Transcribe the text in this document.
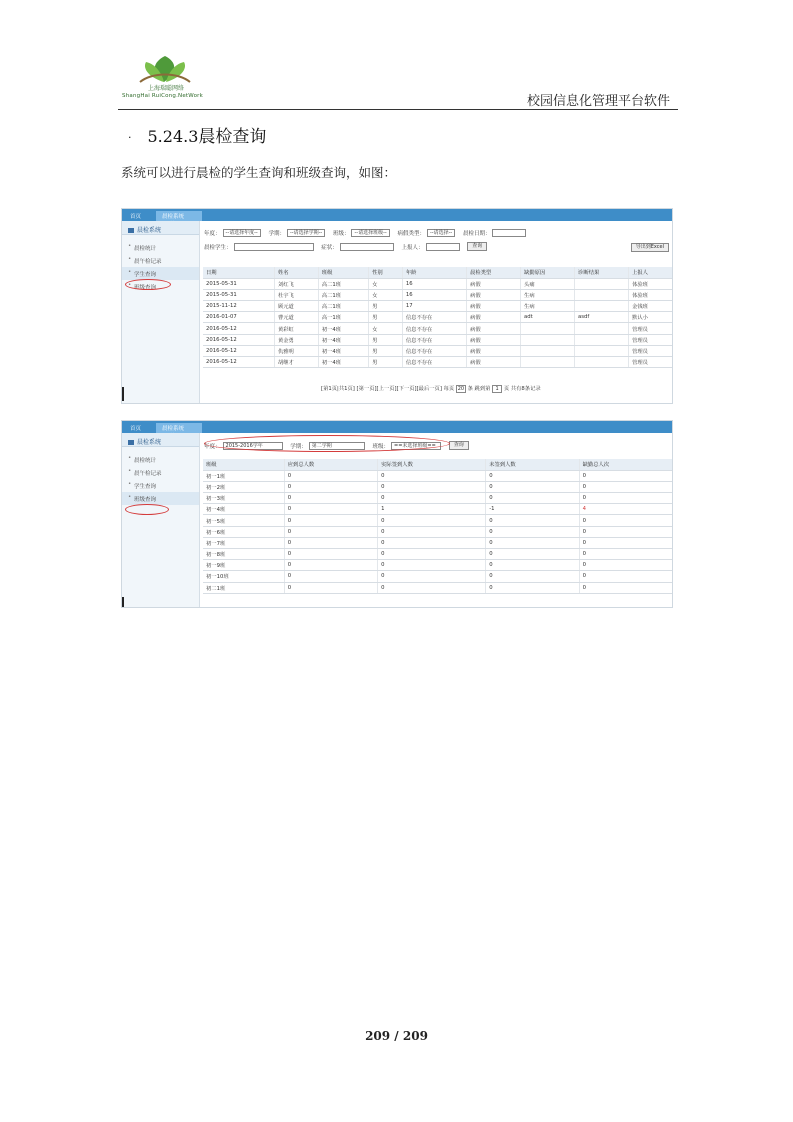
上海瑞聪网络
ShangHai RuiCong.NetWork	校园信息化管理平台软件
· 5.24.3晨检查询
系统可以进行晨检的学生查询和班级查询，如图：
首页	晨检系统
晨检系统
• 晨检统计
• 晨午检记录
• 学生查询
• 班级查询
年度： --请选择年度-- 学期： --请选择学期-- 班级： --请选择班级-- 病假类型： --请选择-- 晨检日期：
晨检学生：	症状：	上报人：	查询	导出到Excel
日期	姓名	班级	性别	年龄	晨检类型	缺勤原因	诊断结果	上报人
2015-05-31	刘红飞	高二1班	女	16	病假	头痛		体验班
2015-05-31	杜宇飞	高二1班	女	16	病假	生病		体验班
2015-11-12	顾元道	高二1班	男	17	病假	生病		金钱班
2016-01-07	曹元道	高一1班	男	信息不存在	病假	adt	asdf	默认小
2016-05-12	黄彩虹	初一4班	女	信息不存在	病假			管理员
2016-05-12	黄金勇	初一4班	男	信息不存在	病假			管理员
2016-05-12	仇雅明	初一4班	男	信息不存在	病假			管理员
2016-05-12	胡继才	初一4班	男	信息不存在	病假			管理员
[第1页|共1页] [第一页][上一页][下一页][最后一页] 每页 20 条 跳到第 1 页 共有8条记录
首页	晨检系统
晨检系统
• 晨检统计
• 晨午检记录
• 学生查询
• 班级查询
年度： 2015-2016学年	学期： 第二学期	班级： ==未选择班级==	查询
班级	应到总人数	实际签到人数	未签到人数	缺勤总人次
初一1班	0	0	0	0
初一2班	0	0	0	0
初一3班	0	0	0	0
初一4班	0	1	-1	4
初一5班	0	0	0	0
初一6班	0	0	0	0
初一7班	0	0	0	0
初一8班	0	0	0	0
初一9班	0	0	0	0
初一10班	0	0	0	0
初二1班	0	0	0	0
209 / 209
